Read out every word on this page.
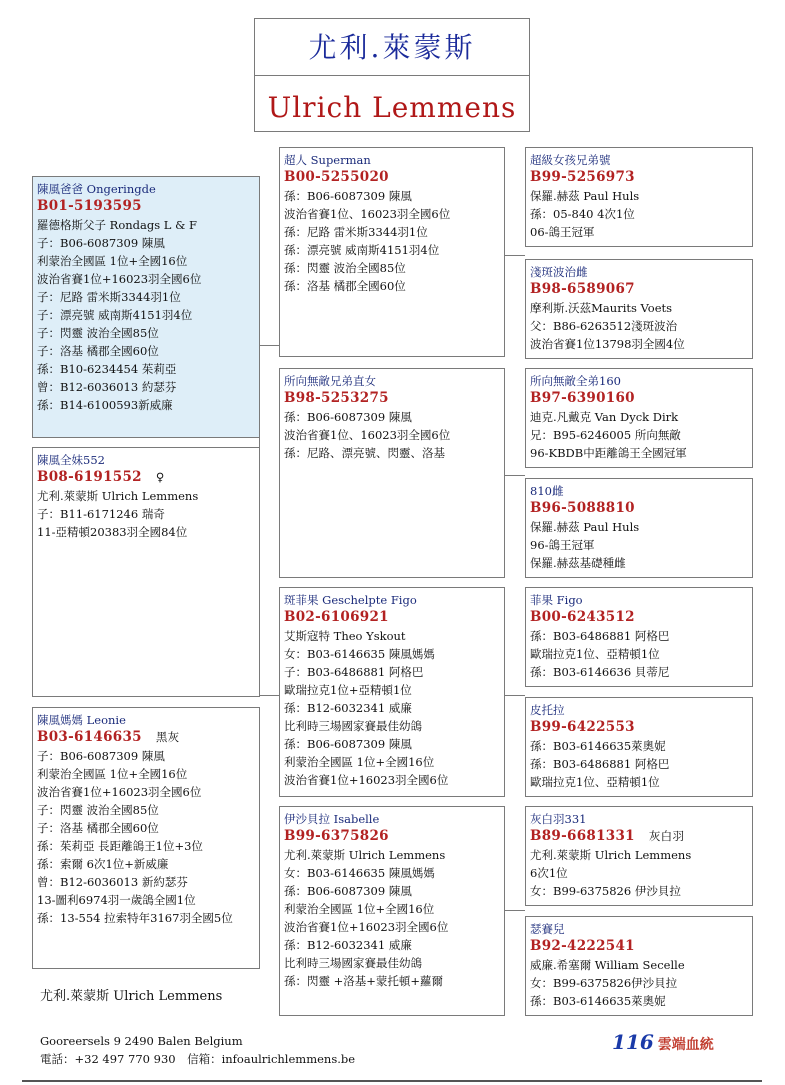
尤利.萊蒙斯
Ulrich Lemmens
陳風爸爸 Ongeringde
B01-5193595
羅德格斯父子 Rondags L & F
子：B06-6087309 陳風
利蒙治全國區 1位+全國16位
波治省賽1位+16023羽全國6位
子：尼路 雷米斯3344羽1位
子：漂亮號 威南斯4151羽4位
子：閃靈 波治全國85位
子：洛基 橘郡全國60位
孫：B10-6234454 茱莉亞
曾：B12-6036013 約瑟芬
孫：B14-6100593新威廉
陳風全妹552
B08-6191552 ♀
尤利.萊蒙斯 Ulrich Lemmens
子：B11-6171246 瑞奇
11-亞精頓20383羽全國84位
陳風媽媽 Leonie
B03-6146635 黑灰
子：B06-6087309 陳風
利蒙治全國區 1位+全國16位
波治省賽1位+16023羽全國6位
子：閃靈 波治全國85位
子：洛基 橘郡全國60位
孫：茱莉亞 長距離鴿王1位+3位
孫：索爾 6次1位+新威廉
曾：B12-6036013 新約瑟芬
13-圖利6974羽一歲鴿全國1位
孫：13-554 拉索特年3167羽全國5位
超人 Superman
B00-5255020
孫：B06-6087309 陳風
波治省賽1位、16023羽全國6位
孫：尼路 雷米斯3344羽1位
孫：漂亮號 威南斯4151羽4位
孫：閃靈 波治全國85位
孫：洛基 橘郡全國60位
所向無敵兄弟直女
B98-5253275
孫：B06-6087309 陳風
波治省賽1位、16023羽全國6位
孫：尼路、漂亮號、閃靈、洛基
斑菲果 Geschelpte Figo
B02-6106921
艾斯寇特 Theo Yskout
女：B03-6146635 陳風媽媽
子：B03-6486881 阿格巴
歐瑞拉克1位+亞精頓1位
孫：B12-6032341 威廉
比利時三場國家賽最佳幼鴿
孫：B06-6087309 陳風
利蒙治全國區 1位+全國16位
波治省賽1位+16023羽全國6位
伊沙貝拉 Isabelle
B99-6375826
尤利.萊蒙斯 Ulrich Lemmens
女：B03-6146635 陳風媽媽
孫：B06-6087309 陳風
利蒙治全國區 1位+全國16位
波治省賽1位+16023羽全國6位
孫：B12-6032341 威廉
比利時三場國家賽最佳幼鴿
孫：閃靈 +洛基+蒙托頓+蘿爾
超級女孩兄弟號
B99-5256973
保羅.赫茲 Paul Huls
孫：05-840 4次1位
06-鴿王冠軍
淺斑波治雌
B98-6589067
摩利斯.沃茲Maurits Voets
父：B86-6263512淺斑波治
波治省賽1位13798羽全國4位
所向無敵全弟160
B97-6390160
迪克.凡戴克 Van Dyck Dirk
兄：B95-6246005 所向無敵
96-KBDB中距離鴿王全國冠軍
810雌
B96-5088810
保羅.赫茲 Paul Huls
96-鴿王冠軍
保羅.赫茲基礎種雌
菲果 Figo
B00-6243512
孫：B03-6486881 阿格巴
歐瑞拉克1位、亞精頓1位
孫：B03-6146636 貝蒂尼
皮托拉
B99-6422553
孫：B03-6146635萊奧妮
孫：B03-6486881 阿格巴
歐瑞拉克1位、亞精頓1位
灰白羽331
B89-6681331 灰白羽
尤利.萊蒙斯 Ulrich Lemmens
6次1位
女：B99-6375826 伊沙貝拉
瑟賽兒
B92-4222541
威廉.希塞爾 William Secelle
女：B99-6375826伊沙貝拉
孫：B03-6146635萊奧妮
尤利.萊蒙斯 Ulrich Lemmens
Gooreersels 9 2490 Balen Belgium
電話：+32 497 770 930　信箱：infoaulrichlemmens.be
116 雲端血統
